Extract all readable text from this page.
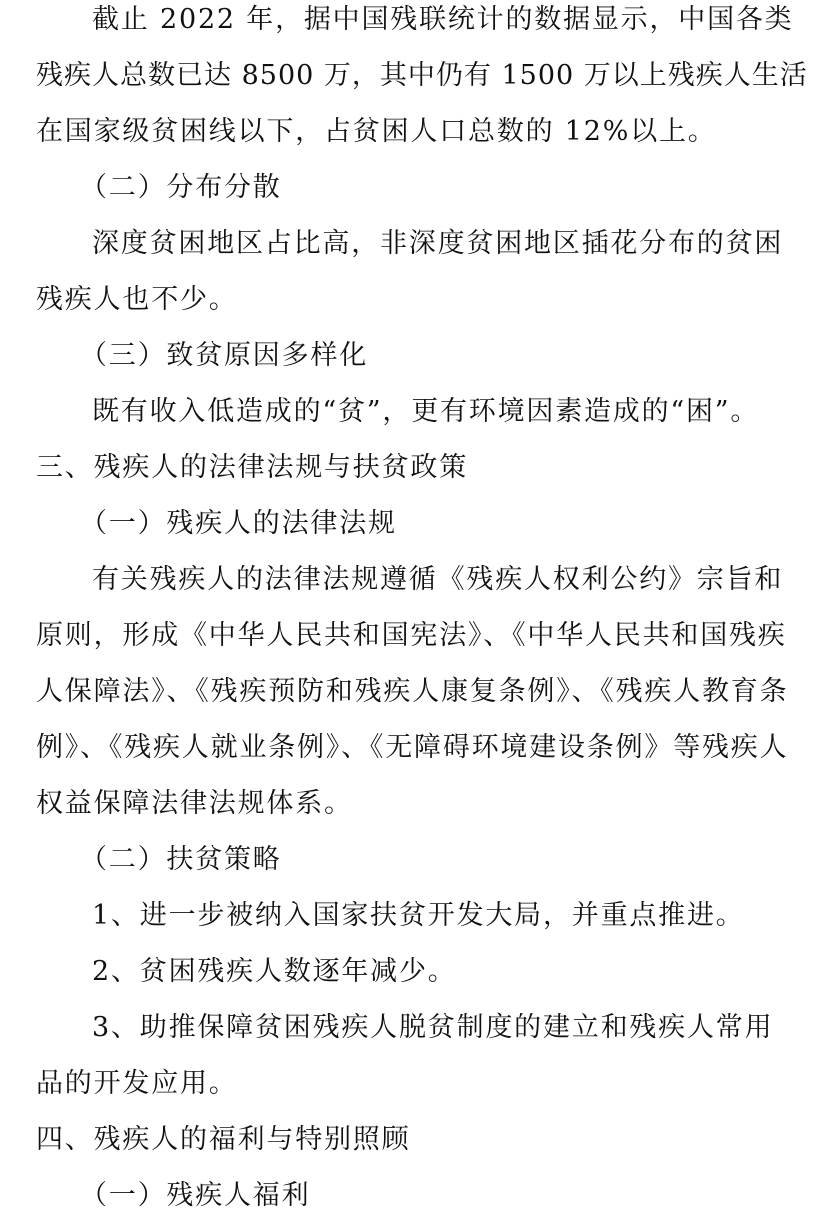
截止 2022 年，据中国残联统计的数据显示，中国各类
残疾人总数已达 8500 万，其中仍有 1500 万以上残疾人生活
在国家级贫困线以下，占贫困人口总数的 12%以上。
（二）分布分散
深度贫困地区占比高，非深度贫困地区插花分布的贫困
残疾人也不少。
（三）致贫原因多样化
既有收入低造成的“贫”，更有环境因素造成的“困”。
三、残疾人的法律法规与扶贫政策
（一）残疾人的法律法规
有关残疾人的法律法规遵循《残疾人权利公约》宗旨和
原则，形成《中华人民共和国宪法》、《中华人民共和国残疾
人保障法》、《残疾预防和残疾人康复条例》、《残疾人教育条
例》、《残疾人就业条例》、《无障碍环境建设条例》等残疾人
权益保障法律法规体系。
（二）扶贫策略
1、进一步被纳入国家扶贫开发大局，并重点推进。
2、贫困残疾人数逐年减少。
3、助推保障贫困残疾人脱贫制度的建立和残疾人常用
品的开发应用。
四、残疾人的福利与特别照顾
（一）残疾人福利
